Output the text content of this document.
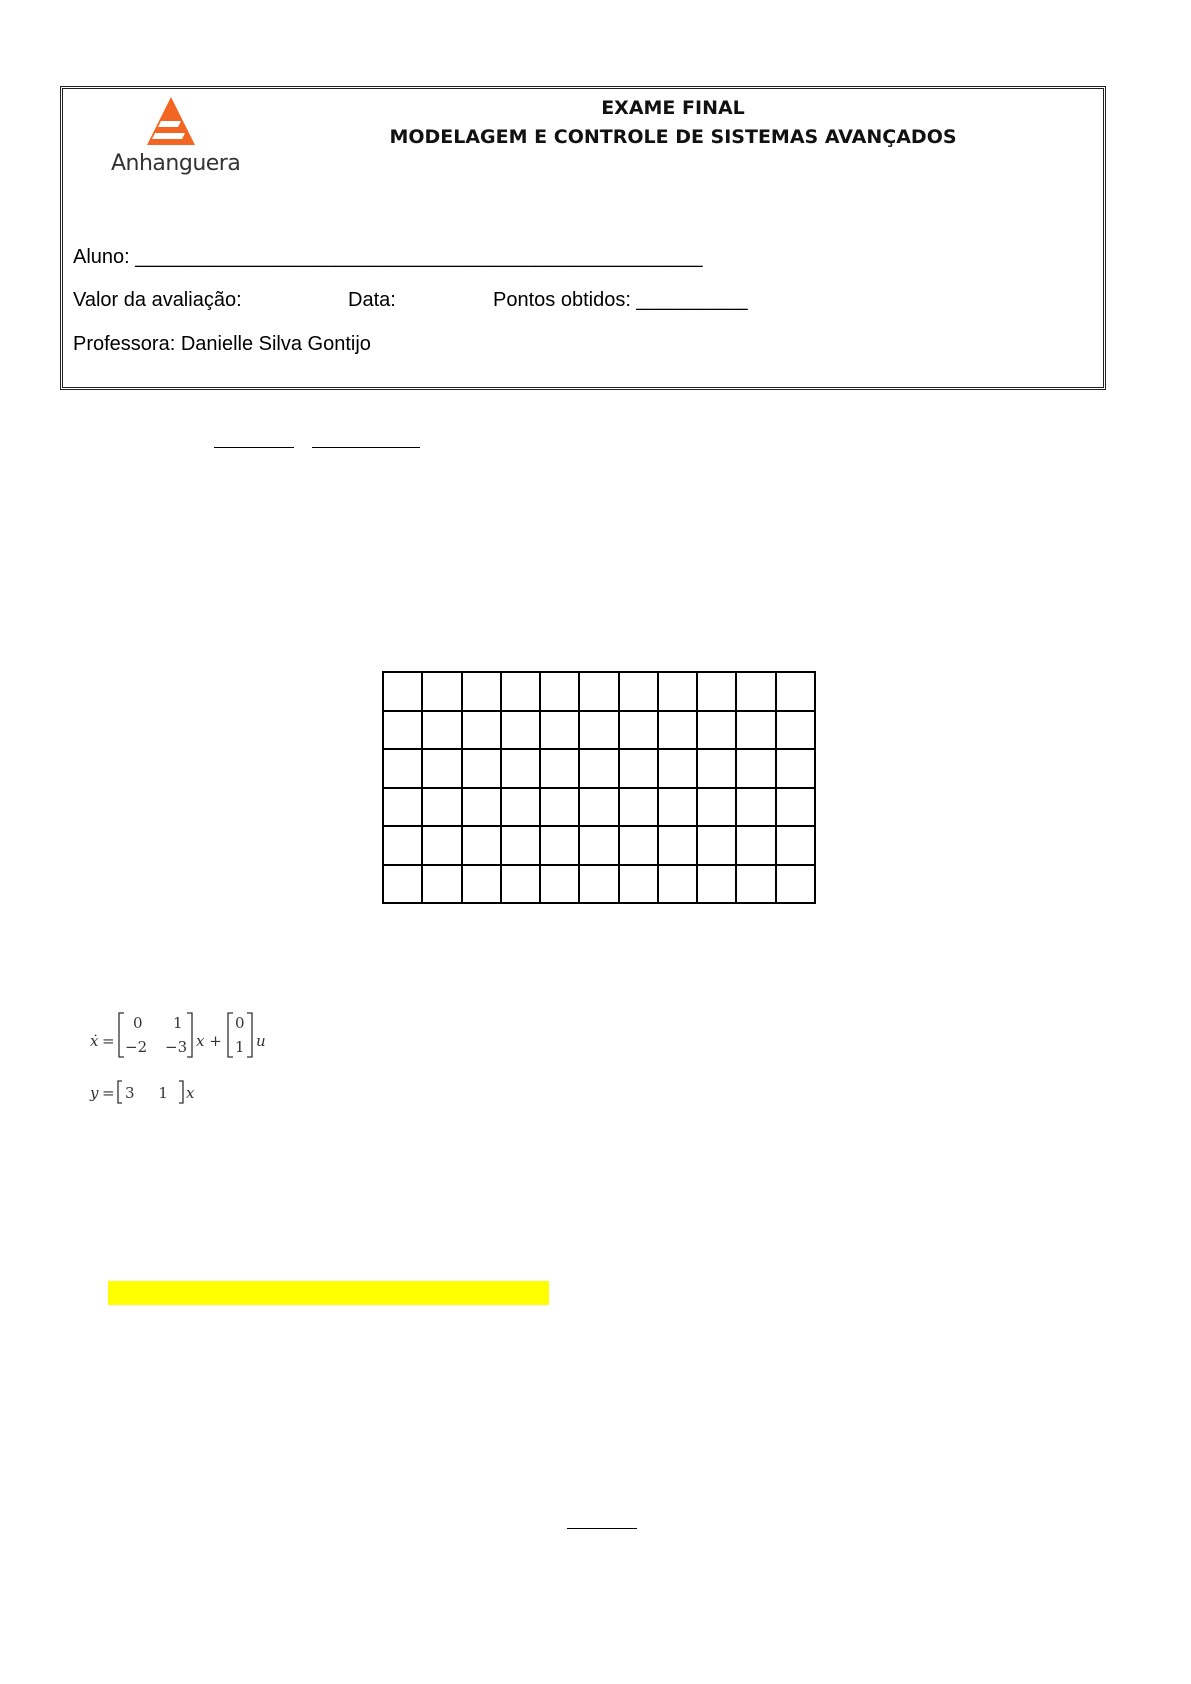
Anhanguera
EXAME FINAL
MODELAGEM E CONTROLE DE SISTEMAS AVANÇADOS
Aluno: ___________________________________________________
Valor da avaliação:	Data:	Pontos obtidos: __________
Professora: Danielle Silva Gontijo

ẋ =
0 1
−2 −3 x +
0
1 u
y = 3     1 x
